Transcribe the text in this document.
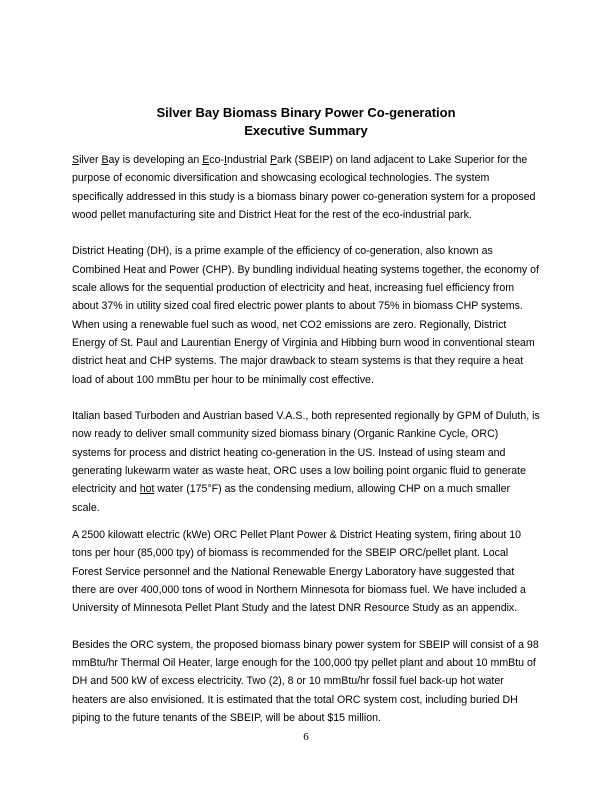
Silver Bay Biomass Binary Power Co-generation
Executive Summary

Silver Bay is developing an Eco-Industrial Park (SBEIP) on land adjacent to Lake Superior for the purpose of economic diversification and showcasing ecological technologies. The system specifically addressed in this study is a biomass binary power co-generation system for a proposed wood pellet manufacturing site and District Heat for the rest of the eco-industrial park.

District Heating (DH), is a prime example of the efficiency of co-generation, also known as Combined Heat and Power (CHP). By bundling individual heating systems together, the economy of scale allows for the sequential production of electricity and heat, increasing fuel efficiency from about 37% in utility sized coal fired electric power plants to about 75% in biomass CHP systems. When using a renewable fuel such as wood, net CO2 emissions are zero. Regionally, District Energy of St. Paul and Laurentian Energy of Virginia and Hibbing burn wood in conventional steam district heat and CHP systems. The major drawback to steam systems is that they require a heat load of about 100 mmBtu per hour to be minimally cost effective.

Italian based Turboden and Austrian based V.A.S., both represented regionally by GPM of Duluth, is now ready to deliver small community sized biomass binary (Organic Rankine Cycle, ORC) systems for process and district heating co-generation in the US. Instead of using steam and generating lukewarm water as waste heat, ORC uses a low boiling point organic fluid to generate electricity and hot water (175°F) as the condensing medium, allowing CHP on a much smaller scale.

A 2500 kilowatt electric (kWe) ORC Pellet Plant Power & District Heating system, firing about 10 tons per hour (85,000 tpy) of biomass is recommended for the SBEIP ORC/pellet plant. Local Forest Service personnel and the National Renewable Energy Laboratory have suggested that there are over 400,000 tons of wood in Northern Minnesota for biomass fuel. We have included a University of Minnesota Pellet Plant Study and the latest DNR Resource Study as an appendix.

Besides the ORC system, the proposed biomass binary power system for SBEIP will consist of a 98 mmBtu/hr Thermal Oil Heater, large enough for the 100,000 tpy pellet plant and about 10 mmBtu of DH and 500 kW of excess electricity. Two (2), 8 or 10 mmBtu/hr fossil fuel back-up hot water heaters are also envisioned. It is estimated that the total ORC system cost, including buried DH piping to the future tenants of the SBEIP, will be about $15 million.

6
